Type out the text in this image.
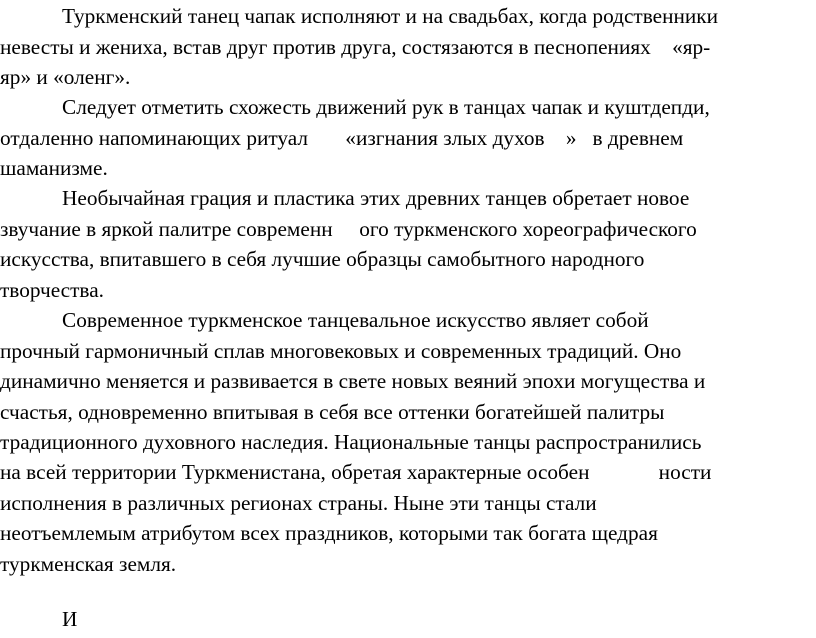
Туркменский танец чапак исполняют и на свадьбах, когда родственники
невесты и жениха, встав друг против друга, состязаются в песнопениях    «яр-
яр» и «оленг».
Следует отметить схожесть движений рук в танцах чапак и куштдепди,
отдаленно напоминающих ритуал       «изгнания злых духов    »   в древнем
шаманизме.
Необычайная грация и пластика этих древних танцев обретает новое
звучание в яркой палитре современн     ого туркменского хореографического
искусства, впитавшего в себя лучшие образцы самобытного народного
творчества.
Современное туркменское танцевальное искусство являет собой
прочный гармоничный сплав многовековых и современных традиций. Оно
динамично меняется и развивается в свете новых веяний эпохи могущества и
счастья, одновременно впитывая в себя все оттенки богатейшей палитры
традиционного духовного наследия. Национальные танцы распространились
на всей территории Туркменистана, обретая характерные особен             ности
исполнения в различных регионах страны. Ныне эти танцы стали
неотъемлемым атрибутом всех праздников, которыми так богата щедрая
туркменская земля.
И
